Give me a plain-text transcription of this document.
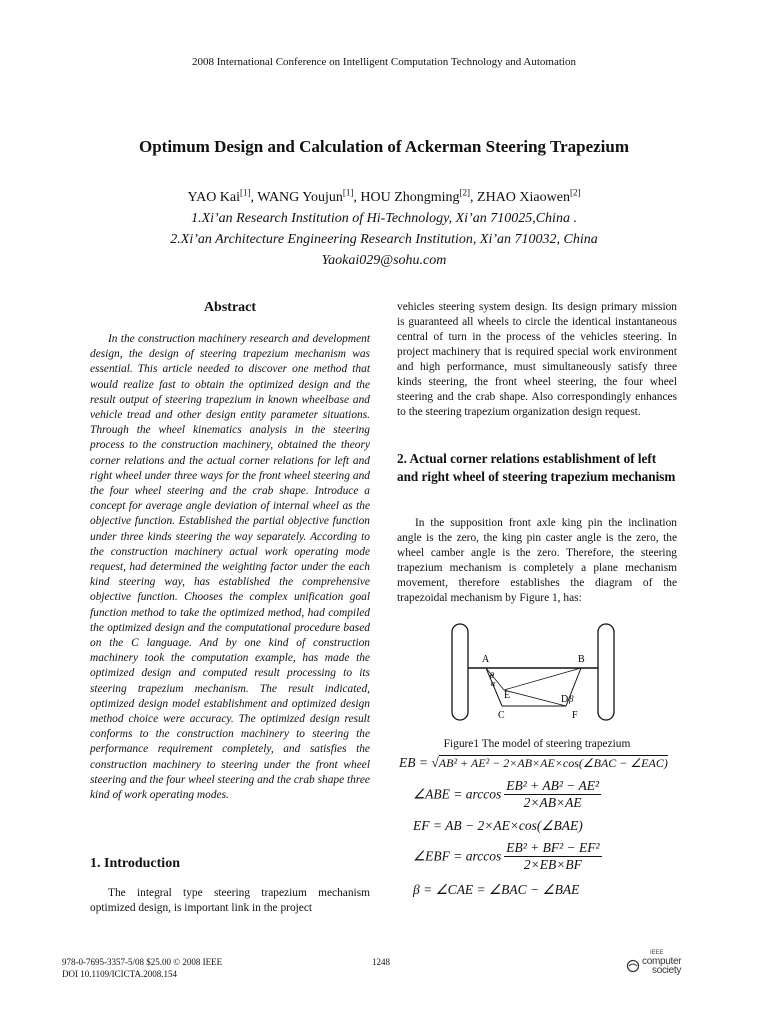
2008 International Conference on Intelligent Computation Technology and Automation
Optimum Design and Calculation of Ackerman Steering Trapezium
YAO Kai[1], WANG Youjun[1], HOU Zhongming[2], ZHAO Xiaowen[2]
1.Xi’an Research Institution of Hi-Technology, Xi’an 710025,China .
2.Xi’an Architecture Engineering Research Institution, Xi’an 710032, China
Yaokai029@sohu.com
Abstract
In the construction machinery research and development design, the design of steering trapezium mechanism was essential. This article needed to discover one method that would realize fast to obtain the optimized design and the result output of steering trapezium in known wheelbase and vehicle tread and other design entity parameter situations. Through the wheel kinematics analysis in the steering process to the construction machinery, obtained the theory corner relations and the actual corner relations for left and right wheel under three ways for the front wheel steering and the four wheel steering and the crab shape. Introduce a concept for average angle deviation of internal wheel as the objective function. Established the partial objective function under three kinds steering the way separately. According to the construction machinery actual work operating mode request, had determined the weighting factor under the each kind steering way, has established the comprehensive objective function. Chooses the complex unification goal function method to take the optimized method, had compiled the optimized design and the computational procedure based on the C language. And by one kind of construction machinery took the computation example, has made the optimized design and computed result processing to its steering trapezium mechanism. The result indicated, optimized design model establishment and optimized design method choice were accuracy. The optimized design result conforms to the construction machinery to steering the performance requirement completely, and satisfies the construction machinery to steering under the front wheel steering and the four wheel steering and the crab shape three kind of work operating modes.
1. Introduction
The integral type steering trapezium mechanism optimized design, is important link in the project
vehicles steering system design. Its design primary mission is guaranteed all wheels to circle the identical instantaneous central of turn in the process of the vehicles steering. In project machinery that is required special work environment and high performance, must simultaneously satisfy three kinds steering, the front wheel steering, the four wheel steering and the crab shape. Also correspondingly enhances to the steering trapezium organization design request.
2. Actual corner relations establishment of left and right wheel of steering trapezium mechanism
In the supposition front axle king pin the inclination angle is the zero, the king pin caster angle is the zero, the wheel camber angle is the zero. Therefore, the steering trapezium mechanism is completely a plane mechanism movement, therefore establishes the diagram of the trapezoidal mechanism by Figure 1, has:
A	B
θ
α
E	D β
C	F
Figure1 The model of steering trapezium
EB = √AB² + AE² − 2×AB×AE×cos(∠BAC − ∠EAC)
∠ABE = $\arccos \frac{\text{EB² + AB² − AE²}}{2\times AB\times AE}$
EF = AB − 2×AE×cos(∠BAE)
∠EBF = $\arccos \frac{\text{EB² + BF² − EF²}}{2\times EB\times BF}$
β = ∠CAE = ∠BAC − ∠BAE
978-0-7695-3357-5/08 $25.00 © 2008 IEEE
DOI 10.1109/ICICTA.2008.154
1248
IEEE
computer
society
